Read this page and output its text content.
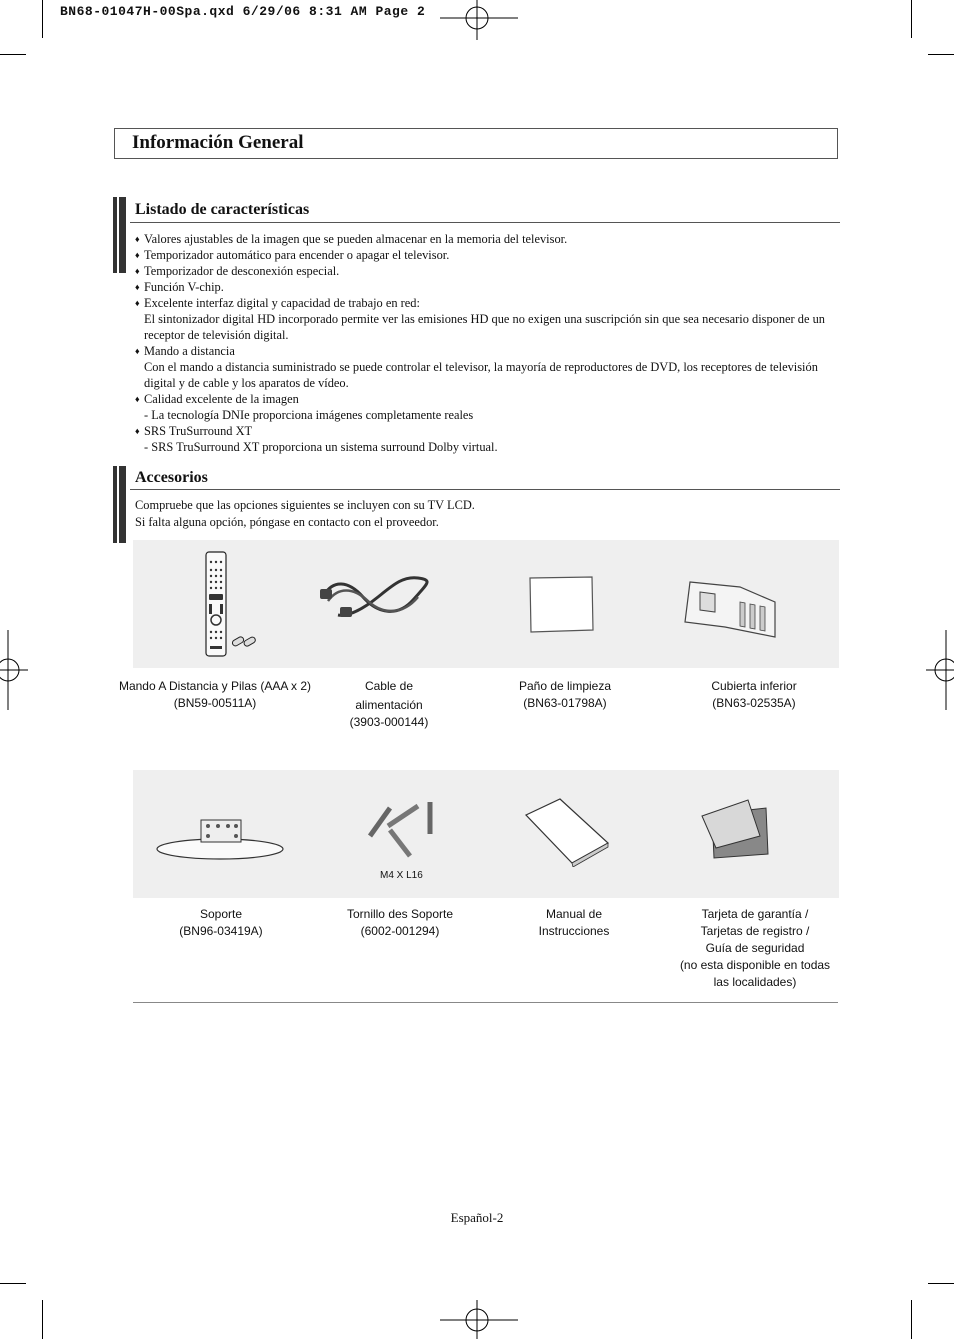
BN68-01047H-00Spa.qxd 6/29/06 8:31 AM Page 2
Información General
Listado de características
♦ Valores ajustables de la imagen que se pueden almacenar en la memoria del televisor.
♦ Temporizador automático para encender o apagar el televisor.
♦ Temporizador de desconexión especial.
♦ Función V-chip.
♦ Excelente interfaz digital y capacidad de trabajo en red:
El sintonizador digital HD incorporado permite ver las emisiones HD que no exigen una suscripción sin que sea necesario disponer de un receptor de televisión digital.
♦ Mando a distancia
Con el mando a distancia suministrado se puede controlar el televisor, la mayoría de reproductores de DVD, los receptores de televisión digital y de cable y los aparatos de vídeo.
♦ Calidad excelente de la imagen
- La tecnología DNIe proporciona imágenes completamente reales
♦ SRS TruSurround XT
- SRS TruSurround XT proporciona un sistema surround Dolby virtual.
Accesorios
Compruebe que las opciones siguientes se incluyen con su TV LCD.
Si falta alguna opción, póngase en contacto con el proveedor.
Mando A Distancia y Pilas (AAA x 2)
(BN59-00511A)
Cable de
alimentación
(3903-000144)
Paño de limpieza
(BN63-01798A)
Cubierta inferior
(BN63-02535A)
M4 X L16
Soporte
(BN96-03419A)
Tornillo des Soporte
(6002-001294)
Manual de
Instrucciones
Tarjeta de garantía /
Tarjetas de registro /
Guía de seguridad
(no esta disponible en todas
las localidades)
Español-2
